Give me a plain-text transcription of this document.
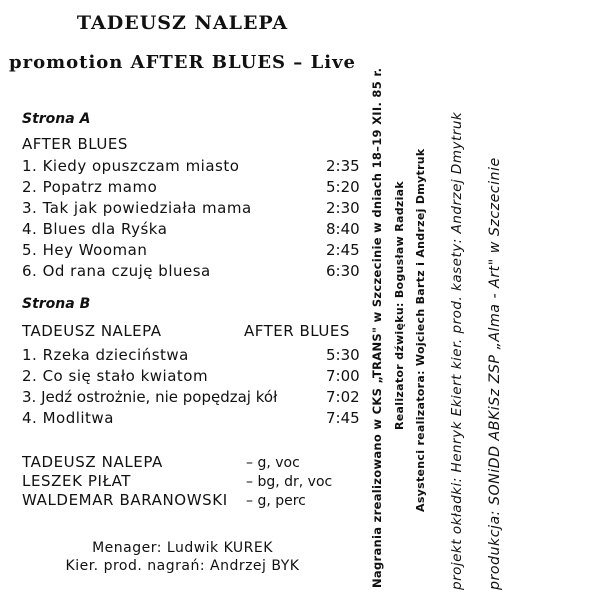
TADEUSZ NALEPA
promotion AFTER BLUES – Live
Strona A
AFTER BLUES
1. Kiedy opuszczam miasto	2:35
2. Popatrz mamo	5:20
3. Tak jak powiedziała mama	2:30
4. Blues dla Ryśka	8:40
5. Hey Wooman	2:45
6. Od rana czuję bluesa	6:30
Strona B
TADEUSZ NALEPA	AFTER BLUES
1. Rzeka dzieciństwa	5:30
2. Co się stało kwiatom	7:00
3. Jedź ostrożnie, nie popędzaj kół	7:02
4. Modlitwa	7:45
TADEUSZ NALEPA	– g, voc
LESZEK PIŁAT	– bg, dr, voc
WALDEMAR BARANOWSKI – g, perc
Menager: Ludwik KUREK
Kier. prod. nagrań: Andrzej BYK	Nagrania zrealizowano w CKS „TRANS" w Szczecinie w dniach 18–19 XII. 85 r. Realizator dźwięku: Bogusław Radziak Asystenci realizatora: Wojciech Bartz i Andrzej Dmytruk projekt okładki: Henryk Ekiert kier. prod. kasety: Andrzej Dmytruk produkcja: SONiDD ABKiSz ZSP „Alma - Art" w Szczecinie
